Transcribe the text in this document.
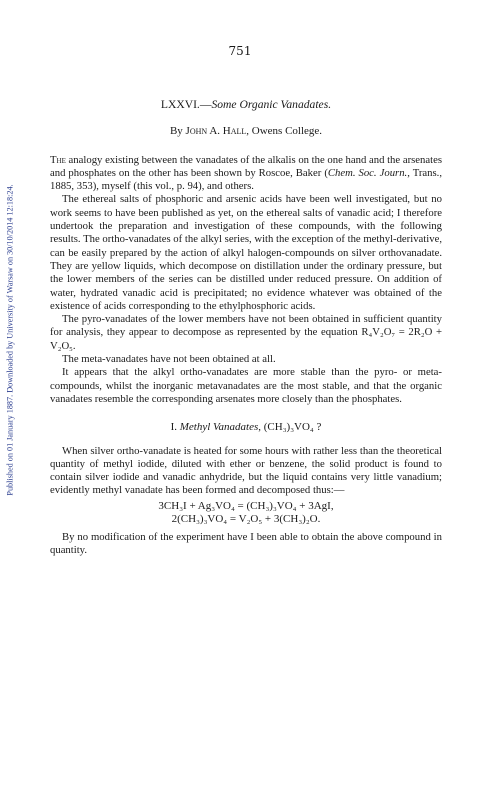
Published on 01 January 1887. Downloaded by University of Warsaw on 30/10/2014 12:18:24.
751
LXXVI.—Some Organic Vanadates.
By John A. Hall, Owens College.

The analogy existing between the vanadates of the alkalis on the one hand and the arsenates and phosphates on the other has been shown by Roscoe, Baker (Chem. Soc. Journ., Trans., 1885, 353), myself (this vol., p. 94), and others.

The ethereal salts of phosphoric and arsenic acids have been well investigated, but no work seems to have been published as yet, on the ethereal salts of vanadic acid; I therefore undertook the preparation and investigation of these compounds, with the following results. The ortho-vanadates of the alkyl series, with the exception of the methyl-derivative, can be easily prepared by the action of alkyl halogen-compounds on silver orthovanadate. They are yellow liquids, which decompose on distillation under the ordinary pressure, but the lower members of the series can be distilled under reduced pressure. On addition of water, hydrated vanadic acid is precipitated; no evidence whatever was obtained of the existence of acids corresponding to the ethylphosphoric acids.

The pyro-vanadates of the lower members have not been obtained in sufficient quantity for analysis, they appear to decompose as represented by the equation R₄V₂O₇ = 2R₂O + V₂O₅.

The meta-vanadates have not been obtained at all.

It appears that the alkyl ortho-vanadates are more stable than the pyro- or meta-compounds, whilst the inorganic metavanadates are the most stable, and that the organic vanadates resemble the corresponding arsenates more closely than the phosphates.

I. Methyl Vanadates, (CH₃)₃VO₄ ?

When silver ortho-vanadate is heated for some hours with rather less than the theoretical quantity of methyl iodide, diluted with ether or benzene, the solid product is found to contain silver iodide and vanadic anhydride, but the liquid contains very little vanadium; evidently methyl vanadate has been formed and decomposed thus:—

3CH₃I + Ag₃VO₄ = (CH₃)₃VO₄ + 3AgI,
2(CH₃)₃VO₄ = V₂O₅ + 3(CH₃)₂O.

By no modification of the experiment have I been able to obtain the above compound in quantity.
